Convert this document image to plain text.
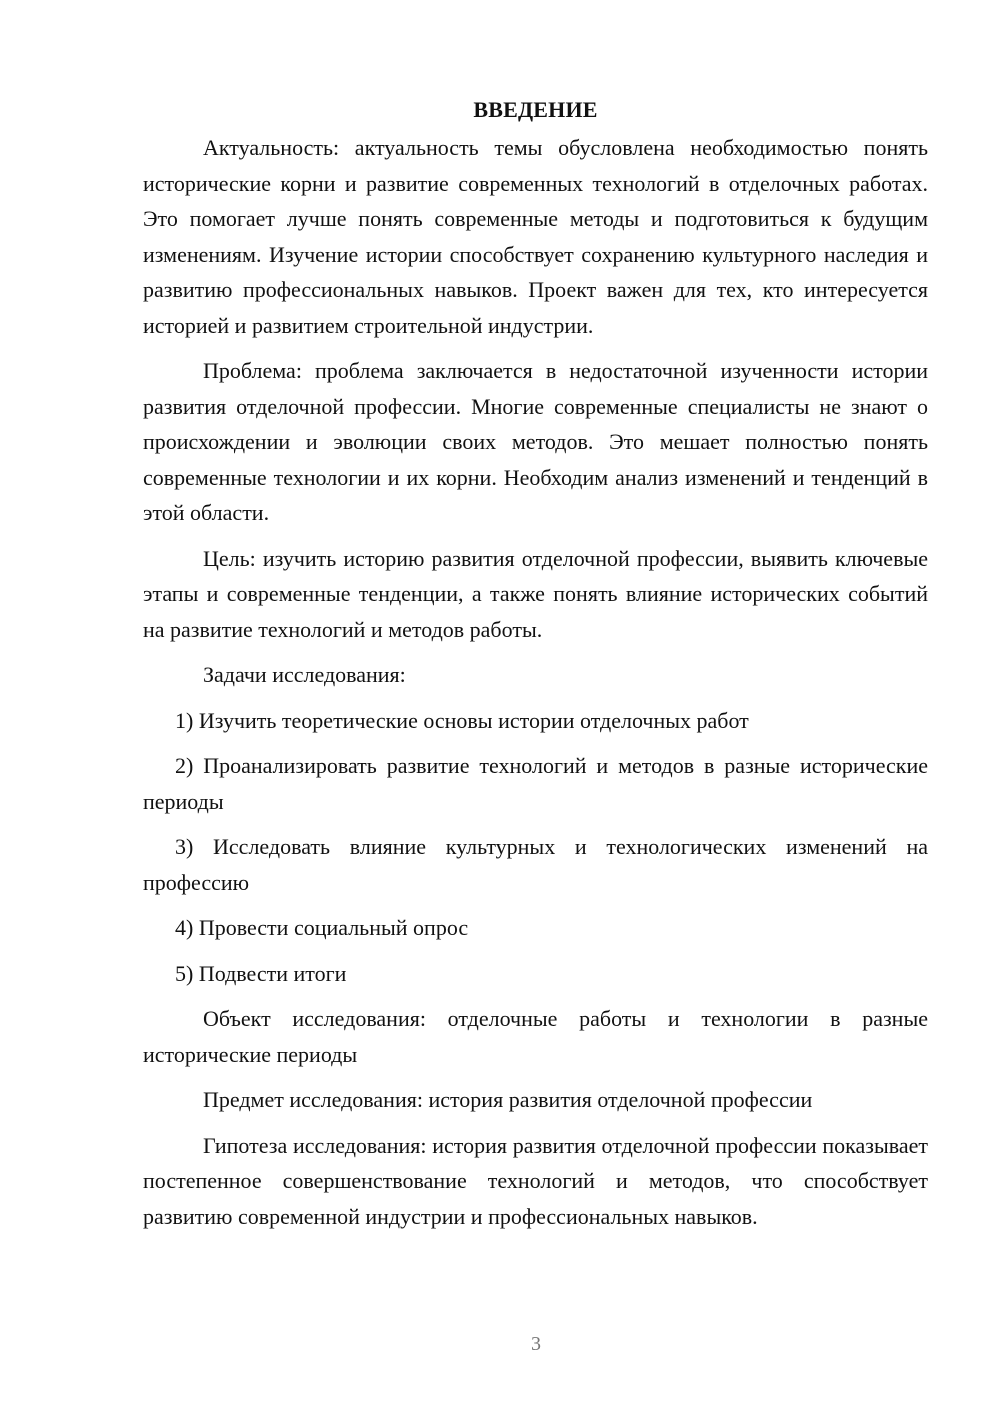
ВВЕДЕНИЕ

Актуальность: актуальность темы обусловлена необходимостью понять исторические корни и развитие современных технологий в отделочных работах. Это помогает лучше понять современные методы и подготовиться к будущим изменениям. Изучение истории способствует сохранению культурного наследия и развитию профессиональных навыков. Проект важен для тех, кто интересуется историей и развитием строительной индустрии.

Проблема: проблема заключается в недостаточной изученности истории развития отделочной профессии. Многие современные специалисты не знают о происхождении и эволюции своих методов. Это мешает полностью понять современные технологии и их корни. Необходим анализ изменений и тенденций в этой области.

Цель: изучить историю развития отделочной профессии, выявить ключевые этапы и современные тенденции, а также понять влияние исторических событий на развитие технологий и методов работы.

Задачи исследования:

1) Изучить теоретические основы истории отделочных работ

2) Проанализировать развитие технологий и методов в разные исторические периоды

3) Исследовать влияние культурных и технологических изменений на профессию

4) Провести социальный опрос

5) Подвести итоги

Объект исследования: отделочные работы и технологии в разные исторические периоды

Предмет исследования: история развития отделочной профессии

Гипотеза исследования: история развития отделочной профессии показывает постепенное совершенствование технологий и методов, что способствует развитию современной индустрии и профессиональных навыков.

3
